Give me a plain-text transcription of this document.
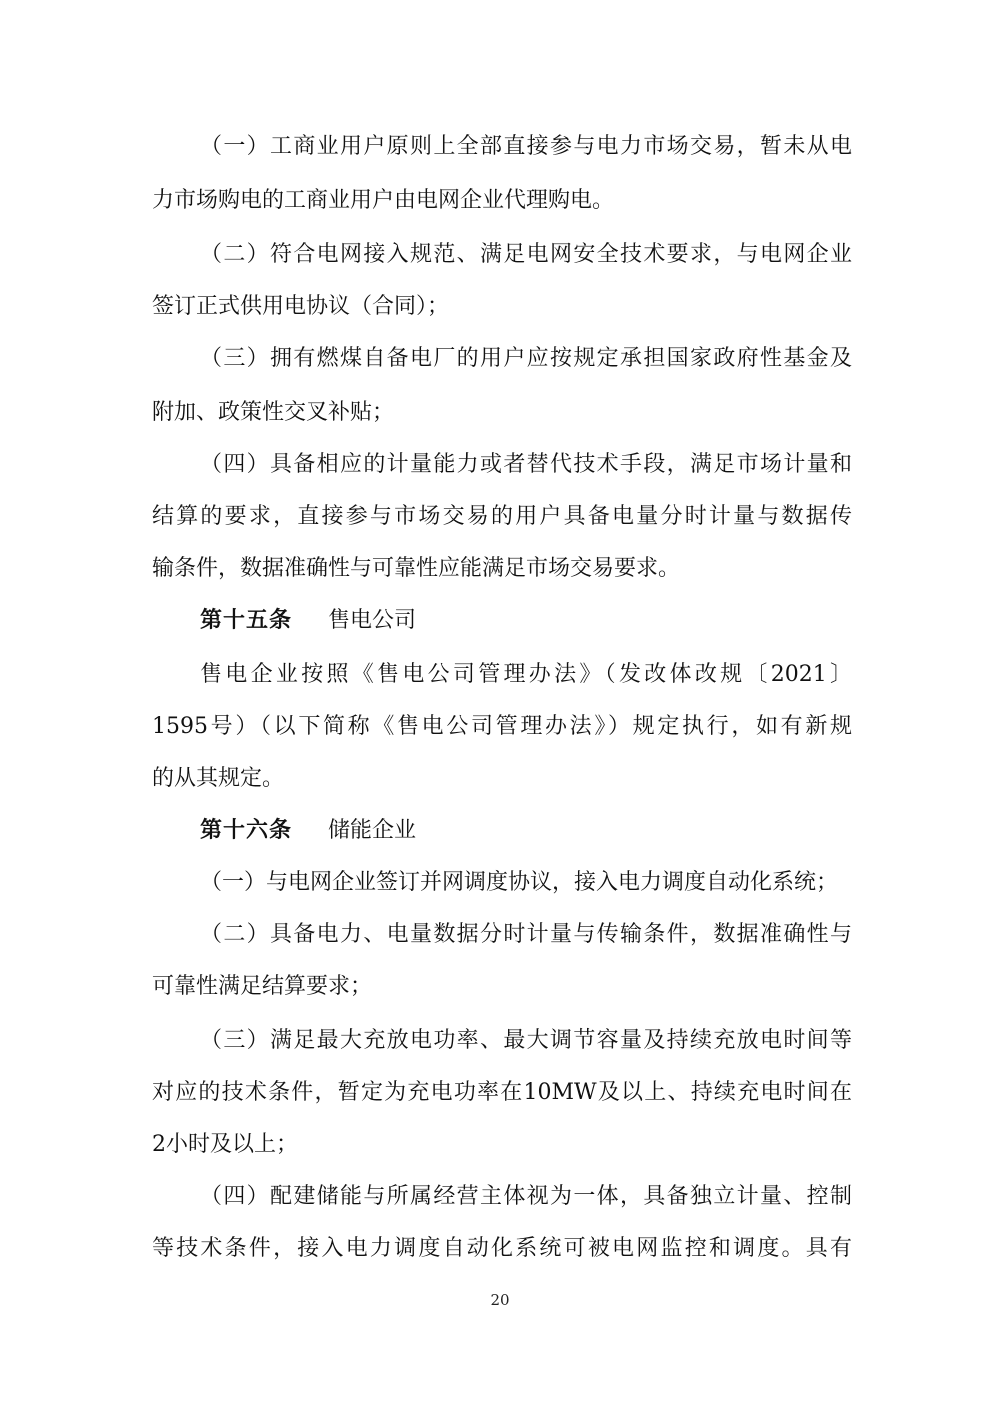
（一）工商业用户原则上全部直接参与电力市场交易，暂未从电
力市场购电的工商业用户由电网企业代理购电。
（二）符合电网接入规范、满足电网安全技术要求，与电网企业
签订正式供用电协议（合同）；
（三）拥有燃煤自备电厂的用户应按规定承担国家政府性基金及
附加、政策性交叉补贴；
（四）具备相应的计量能力或者替代技术手段，满足市场计量和
结算的要求，直接参与市场交易的用户具备电量分时计量与数据传
输条件，数据准确性与可靠性应能满足市场交易要求。
第十五条 售电公司
售电企业按照《售电公司管理办法》（发改体改规〔2021〕
1595号）（以下简称《售电公司管理办法》）规定执行，如有新规
的从其规定。
第十六条 储能企业
（一）与电网企业签订并网调度协议，接入电力调度自动化系统；
（二）具备电力、电量数据分时计量与传输条件，数据准确性与
可靠性满足结算要求；
（三）满足最大充放电功率、最大调节容量及持续充放电时间等
对应的技术条件，暂定为充电功率在10MW及以上、持续充电时间在
2小时及以上；
（四）配建储能与所属经营主体视为一体，具备独立计量、控制
等技术条件，接入电力调度自动化系统可被电网监控和调度。具有
20
